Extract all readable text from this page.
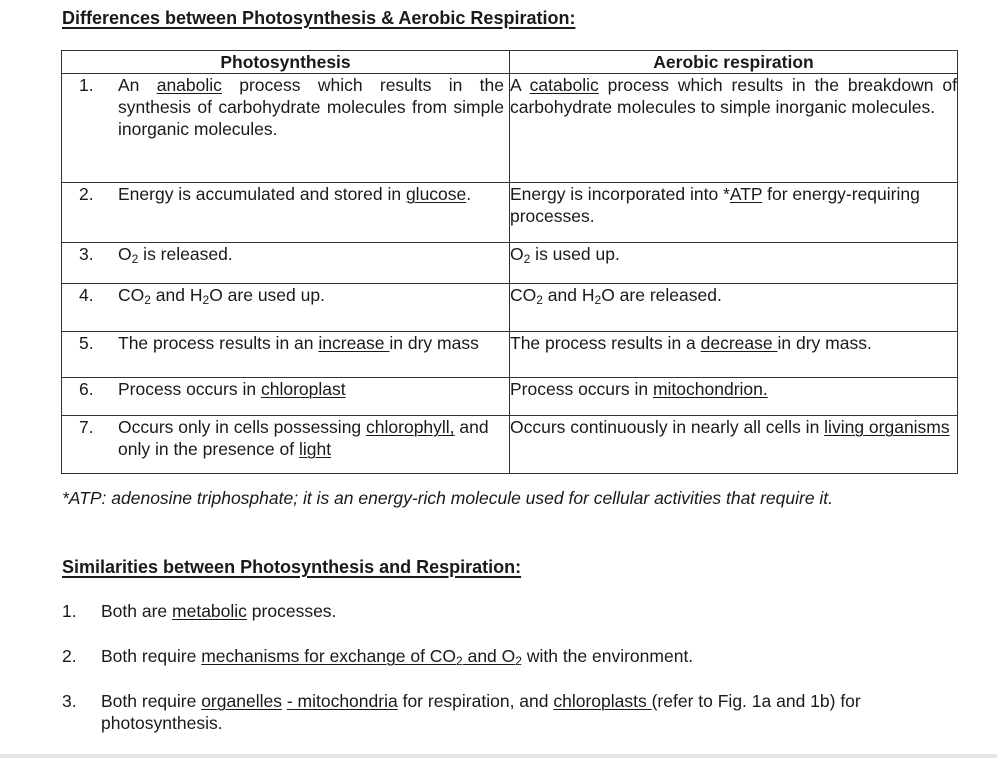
Differences between Photosynthesis & Aerobic Respiration:
Photosynthesis	Aerobic respiration

1. An anabolic process which results in the synthesis of carbohydrate molecules from simple inorganic molecules.	A catabolic process which results in the breakdown of carbohydrate molecules to simple inorganic molecules.

2. Energy is accumulated and stored in glucose.	Energy is incorporated into *ATP for energy-requiring processes.

3. $O_2$ is released.	$O_2$ is used up.

4. $CO_2$ and $H_2O$ are used up.	$CO_2$ and $H_2O$ are released.

5. The process results in an increase in dry mass	The process results in a decrease in dry mass.

6. Process occurs in chloroplast	Process occurs in mitochondrion.

7. Occurs only in cells possessing chlorophyll, and only in the presence of light	Occurs continuously in nearly all cells in living organisms
*ATP: adenosine triphosphate; it is an energy-rich molecule used for cellular activities that require it.
Similarities between Photosynthesis and Respiration:
1.	Both are metabolic processes.
2.	Both require mechanisms for exchange of $CO_2$ and $O_2$ with the environment.
3.	Both require organelles - mitochondria for respiration, and chloroplasts (refer to Fig. 1a and 1b) for photosynthesis.
